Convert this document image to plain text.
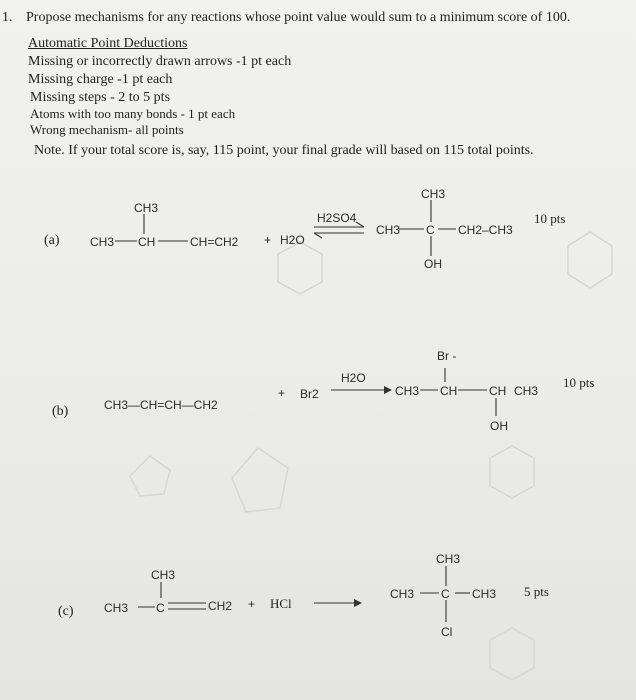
1. Propose mechanisms for any reactions whose point value would sum to a minimum score of 100.
Automatic Point Deductions
Missing or incorrectly drawn arrows -1 pt each
Missing charge -1 pt each
Missing steps - 2 to 5 pts
Atoms with too many bonds - 1 pt each
Wrong mechanism- all points
Note. If your total score is, say, 115 point, your final grade will based on 115 total points.
(a)
CH3
CH3 CH	CH=CH2 + H2O
H2SO4
CH3
CH3 C CH2–CH3
OH
10 pts
(b)	CH3—CH=CH—CH2
+ Br2
H2O
Br -
CH3 CH	CH CH3
OH
10 pts
(c)
CH3
CH3 C	CH2 + HCl
CH3
CH3 C CH3
Cl
5 pts
